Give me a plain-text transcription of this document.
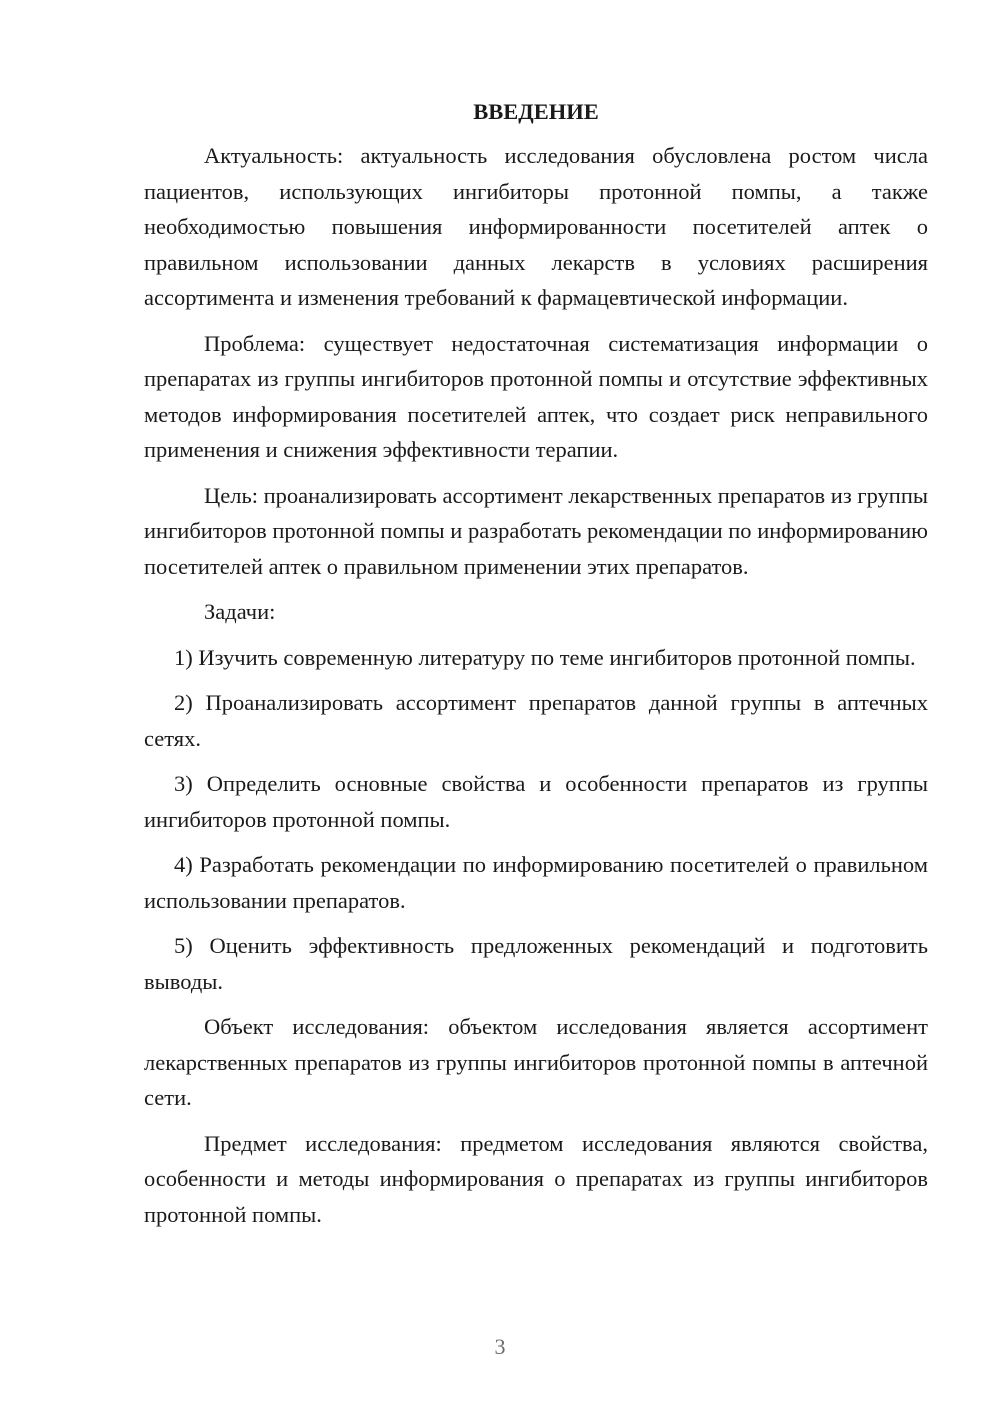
ВВЕДЕНИЕ

Актуальность: актуальность исследования обусловлена ростом числа пациентов, использующих ингибиторы протонной помпы, а также необходимостью повышения информированности посетителей аптек о правильном использовании данных лекарств в условиях расширения ассортимента и изменения требований к фармацевтической информации.

Проблема: существует недостаточная систематизация информации о препаратах из группы ингибиторов протонной помпы и отсутствие эффективных методов информирования посетителей аптек, что создает риск неправильного применения и снижения эффективности терапии.

Цель: проанализировать ассортимент лекарственных препаратов из группы ингибиторов протонной помпы и разработать рекомендации по информированию посетителей аптек о правильном применении этих препаратов.

Задачи:

1) Изучить современную литературу по теме ингибиторов протонной помпы.

2) Проанализировать ассортимент препаратов данной группы в аптечных сетях.

3) Определить основные свойства и особенности препаратов из группы ингибиторов протонной помпы.

4) Разработать рекомендации по информированию посетителей о правильном использовании препаратов.

5) Оценить эффективность предложенных рекомендаций и подготовить выводы.

Объект исследования: объектом исследования является ассортимент лекарственных препаратов из группы ингибиторов протонной помпы в аптечной сети.

Предмет исследования: предметом исследования являются свойства, особенности и методы информирования о препаратах из группы ингибиторов протонной помпы.

3
